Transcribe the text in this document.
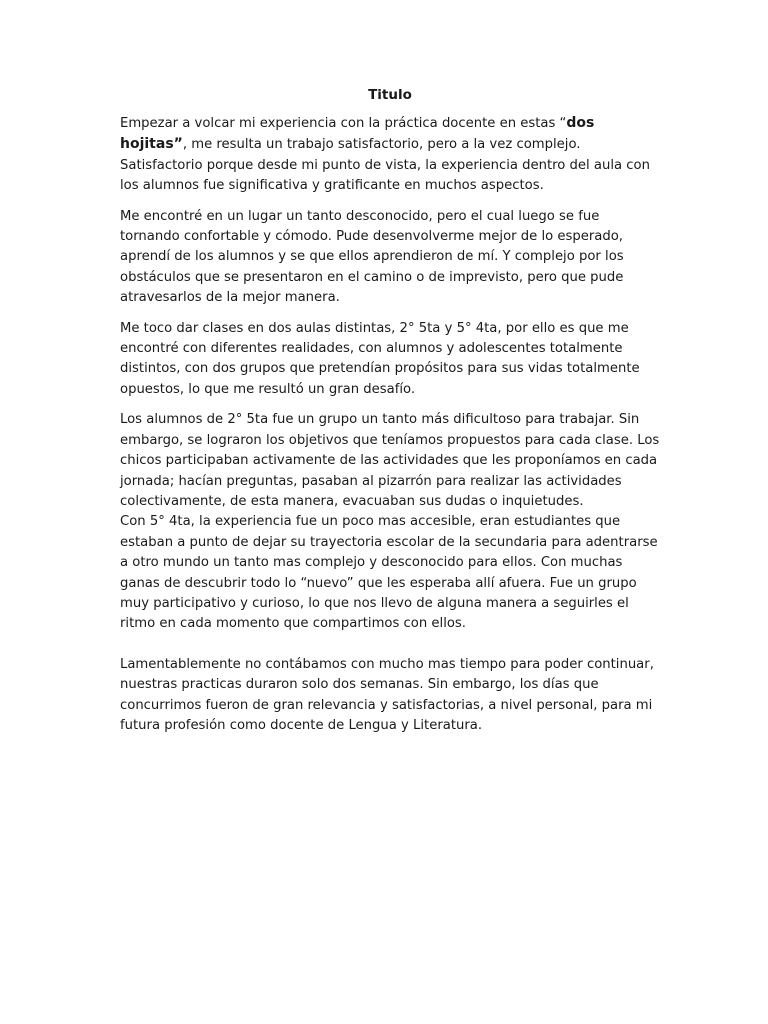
Titulo

Empezar a volcar mi experiencia con la práctica docente en estas “dos hojitas”, me resulta un trabajo satisfactorio, pero a la vez complejo. Satisfactorio porque desde mi punto de vista, la experiencia dentro del aula con los alumnos fue significativa y gratificante en muchos aspectos.

Me encontré en un lugar un tanto desconocido, pero el cual luego se fue tornando confortable y cómodo. Pude desenvolverme mejor de lo esperado, aprendí de los alumnos y se que ellos aprendieron de mí. Y complejo por los obstáculos que se presentaron en el camino o de imprevisto, pero que pude atravesarlos de la mejor manera.

Me toco dar clases en dos aulas distintas, 2° 5ta y 5° 4ta, por ello es que me encontré con diferentes realidades, con alumnos y adolescentes totalmente distintos, con dos grupos que pretendían propósitos para sus vidas totalmente opuestos, lo que me resultó un gran desafío.

Los alumnos de 2° 5ta fue un grupo un tanto más dificultoso para trabajar. Sin embargo, se lograron los objetivos que teníamos propuestos para cada clase. Los chicos participaban activamente de las actividades que les proponíamos en cada jornada; hacían preguntas, pasaban al pizarrón para realizar las actividades colectivamente, de esta manera, evacuaban sus dudas o inquietudes.

Con 5° 4ta, la experiencia fue un poco mas accesible, eran estudiantes que estaban a punto de dejar su trayectoria escolar de la secundaria para adentrarse a otro mundo un tanto mas complejo y desconocido para ellos. Con muchas ganas de descubrir todo lo “nuevo” que les esperaba allí afuera. Fue un grupo muy participativo y curioso, lo que nos llevo de alguna manera a seguirles el ritmo en cada momento que compartimos con ellos.

Lamentablemente no contábamos con mucho mas tiempo para poder continuar, nuestras practicas duraron solo dos semanas. Sin embargo, los días que concurrimos fueron de gran relevancia y satisfactorias, a nivel personal, para mi futura profesión como docente de Lengua y Literatura.
